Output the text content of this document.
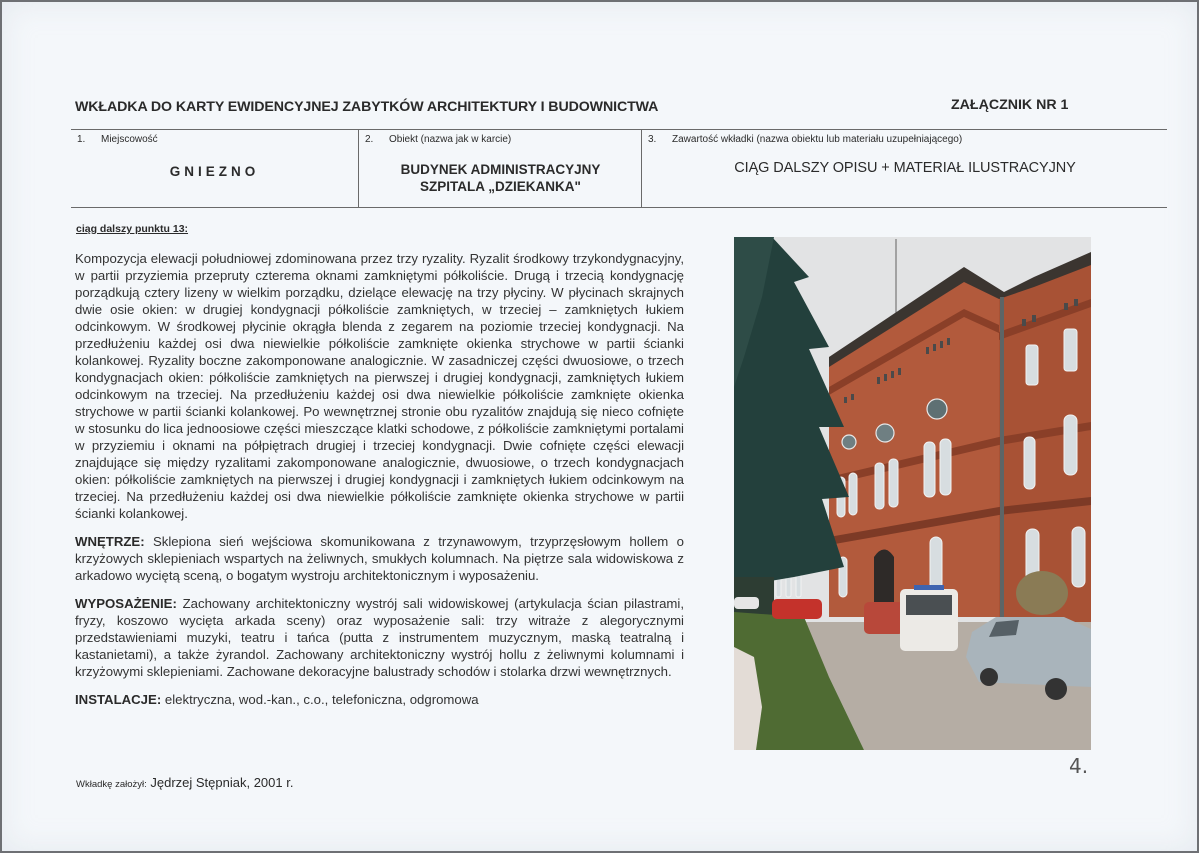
WKŁADKA DO KARTY EWIDENCYJNEJ ZABYTKÓW ARCHITEKTURY I BUDOWNICTWA	ZAŁĄCZNIK NR 1
1. Miejscowość
GNIEZNO
2. Obiekt (nazwa jak w karcie)
BUDYNEK ADMINISTRACYJNY
SZPITALA „DZIEKANKA"
3. Zawartość wkładki (nazwa obiektu lub materiału uzupełniającego)
CIĄG DALSZY OPISU + MATERIAŁ ILUSTRACYJNY
ciąg dalszy punktu 13:

Kompozycja elewacji południowej zdominowana przez trzy ryzality. Ryzalit środkowy trzykondygnacyjny, w partii przyziemia przepruty czterema oknami zamkniętymi półkoliście. Drugą i trzecią kondygnację porządkują cztery lizeny w wielkim porządku, dzielące elewację na trzy płyciny. W płycinach skrajnych dwie osie okien: w drugiej kondygnacji półkoliście zamkniętych, w trzeciej – zamkniętych łukiem odcinkowym. W środkowej płycinie okrągła blenda z zegarem na poziomie trzeciej kondygnacji. Na przedłużeniu każdej osi dwa niewielkie półkoliście zamknięte okienka strychowe w partii ścianki kolankowej. Ryzality boczne zakomponowane analogicznie. W zasadniczej części dwuosiowe, o trzech kondygnacjach okien: półkoliście zamkniętych na pierwszej i drugiej kondygnacji, zamkniętych łukiem odcinkowym na trzeciej. Na przedłużeniu każdej osi dwa niewielkie półkoliście zamknięte okienka strychowe w partii ścianki kolankowej. Po wewnętrznej stronie obu ryzalitów znajdują się nieco cofnięte w stosunku do lica jednoosiowe części mieszczące klatki schodowe, z półkoliście zamkniętymi portalami w przyziemiu i oknami na półpiętrach drugiej i trzeciej kondygnacji. Dwie cofnięte części elewacji znajdujące się między ryzalitami zakomponowane analogicznie, dwuosiowe, o trzech kondygnacjach okien: półkoliście zamkniętych na pierwszej i drugiej kondygnacji i zamkniętych łukiem odcinkowym na trzeciej. Na przedłużeniu każdej osi dwa niewielkie półkoliście zamknięte okienka strychowe w partii ścianki kolankowej.

WNĘTRZE: Sklepiona sień wejściowa skomunikowana z trzynawowym, trzyprzęsłowym hollem o krzyżowych sklepieniach wspartych na żeliwnych, smukłych kolumnach. Na piętrze sala widowiskowa z arkadowo wyciętą sceną, o bogatym wystroju architektonicznym i wyposażeniu.

WYPOSAŻENIE: Zachowany architektoniczny wystrój sali widowiskowej (artykulacja ścian pilastrami, fryzy, koszowo wycięta arkada sceny) oraz wyposażenie sali: trzy witraże z alegorycznymi przedstawieniami muzyki, teatru i tańca (putta z instrumentem muzycznym, maską teatralną i kastanietami), a także żyrandol. Zachowany architektoniczny wystrój hollu z żeliwnymi kolumnami i krzyżowymi sklepieniami. Zachowane dekoracyjne balustrady schodów i stolarka drzwi wewnętrznych.

INSTALACJE: elektryczna, wod.-kan., c.o., telefoniczna, odgromowa

Wkładkę założył: Jędrzej Stępniak, 2001 r.
4.
